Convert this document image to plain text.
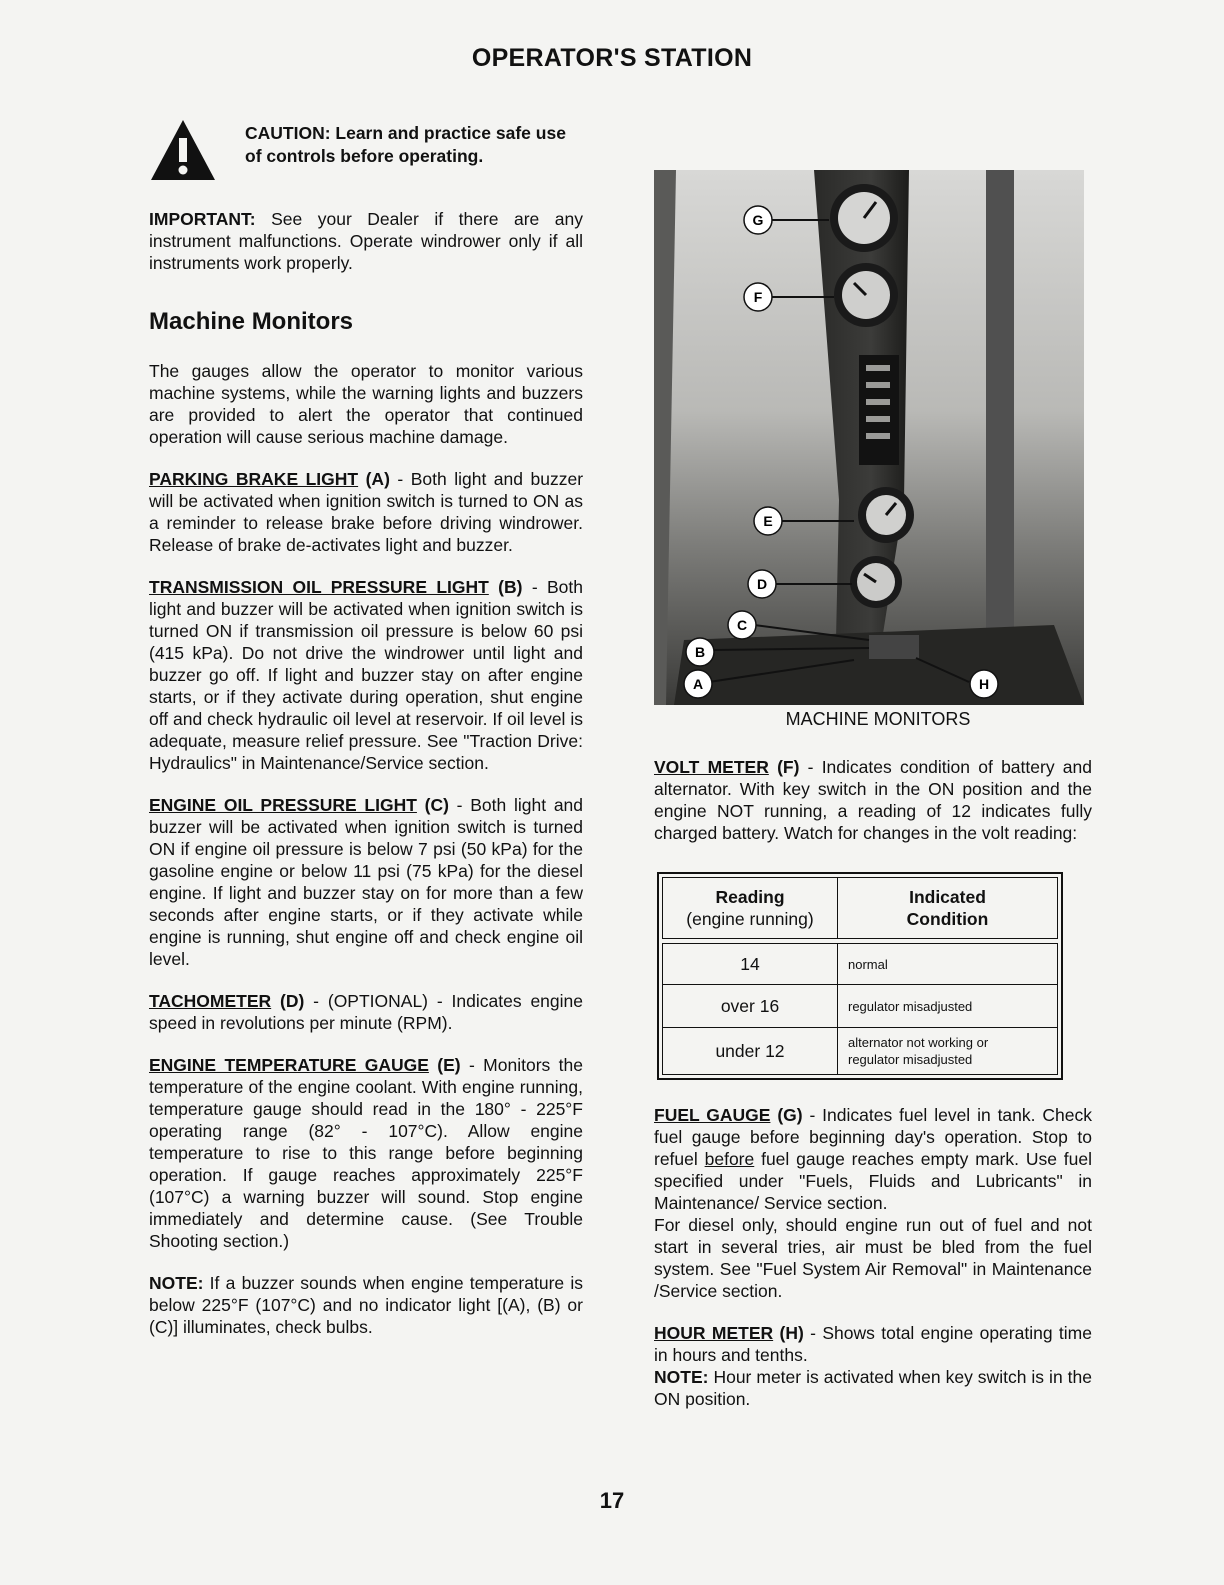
OPERATOR'S STATION
CAUTION: Learn and practice safe use of controls before operating.

IMPORTANT: See your Dealer if there are any instrument malfunctions. Operate windrower only if all instruments work properly.

Machine Monitors

The gauges allow the operator to monitor various machine systems, while the warning lights and buzzers are provided to alert the operator that continued operation will cause serious machine damage.

PARKING BRAKE LIGHT (A) - Both light and buzzer will be activated when ignition switch is turned to ON as a reminder to release brake before driving windrower. Release of brake de-activates light and buzzer.

TRANSMISSION OIL PRESSURE LIGHT (B) - Both light and buzzer will be activated when ignition switch is turned ON if transmission oil pressure is below 60 psi (415 kPa). Do not drive the windrower until light and buzzer go off. If light and buzzer stay on after engine starts, or if they activate during operation, shut engine off and check hydraulic oil level at reservoir. If oil level is adequate, measure relief pressure. See "Traction Drive: Hydraulics" in Maintenance/Service section.

ENGINE OIL PRESSURE LIGHT (C) - Both light and buzzer will be activated when ignition switch is turned ON if engine oil pressure is below 7 psi (50 kPa) for the gasoline engine or below 11 psi (75 kPa) for the diesel engine. If light and buzzer stay on for more than a few seconds after engine starts, or if they activate while engine is running, shut engine off and check engine oil level.

TACHOMETER (D) - (OPTIONAL) - Indicates engine speed in revolutions per minute (RPM).

ENGINE TEMPERATURE GAUGE (E) - Monitors the temperature of the engine coolant. With engine running, temperature gauge should read in the 180° - 225°F operating range (82° - 107°C). Allow engine temperature to rise to this range before beginning operation. If gauge reaches approximately 225°F (107°C) a warning buzzer will sound. Stop engine immediately and determine cause. (See Trouble Shooting section.)

NOTE: If a buzzer sounds when engine temperature is below 225°F (107°C) and no indicator light [(A), (B) or (C)] illuminates, check bulbs.

G
F
E
D
C
B
A	H
MACHINE MONITORS

VOLT METER (F) - Indicates condition of battery and alternator. With key switch in the ON position and the engine NOT running, a reading of 12 indicates fully charged battery. Watch for changes in the volt reading:

Reading
(engine running)	Indicated
Condition

14	normal
over 16	regulator misadjusted
under 12	alternator not working or
regulator misadjusted

FUEL GAUGE (G) - Indicates fuel level in tank. Check fuel gauge before beginning day's operation. Stop to refuel before fuel gauge reaches empty mark. Use fuel specified under "Fuels, Fluids and Lubricants" in Maintenance/ Service section.

For diesel only, should engine run out of fuel and not start in several tries, air must be bled from the fuel system. See "Fuel System Air Removal" in Maintenance /Service section.

HOUR METER (H) - Shows total engine operating time in hours and tenths.

NOTE: Hour meter is activated when key switch is in the ON position.

17
